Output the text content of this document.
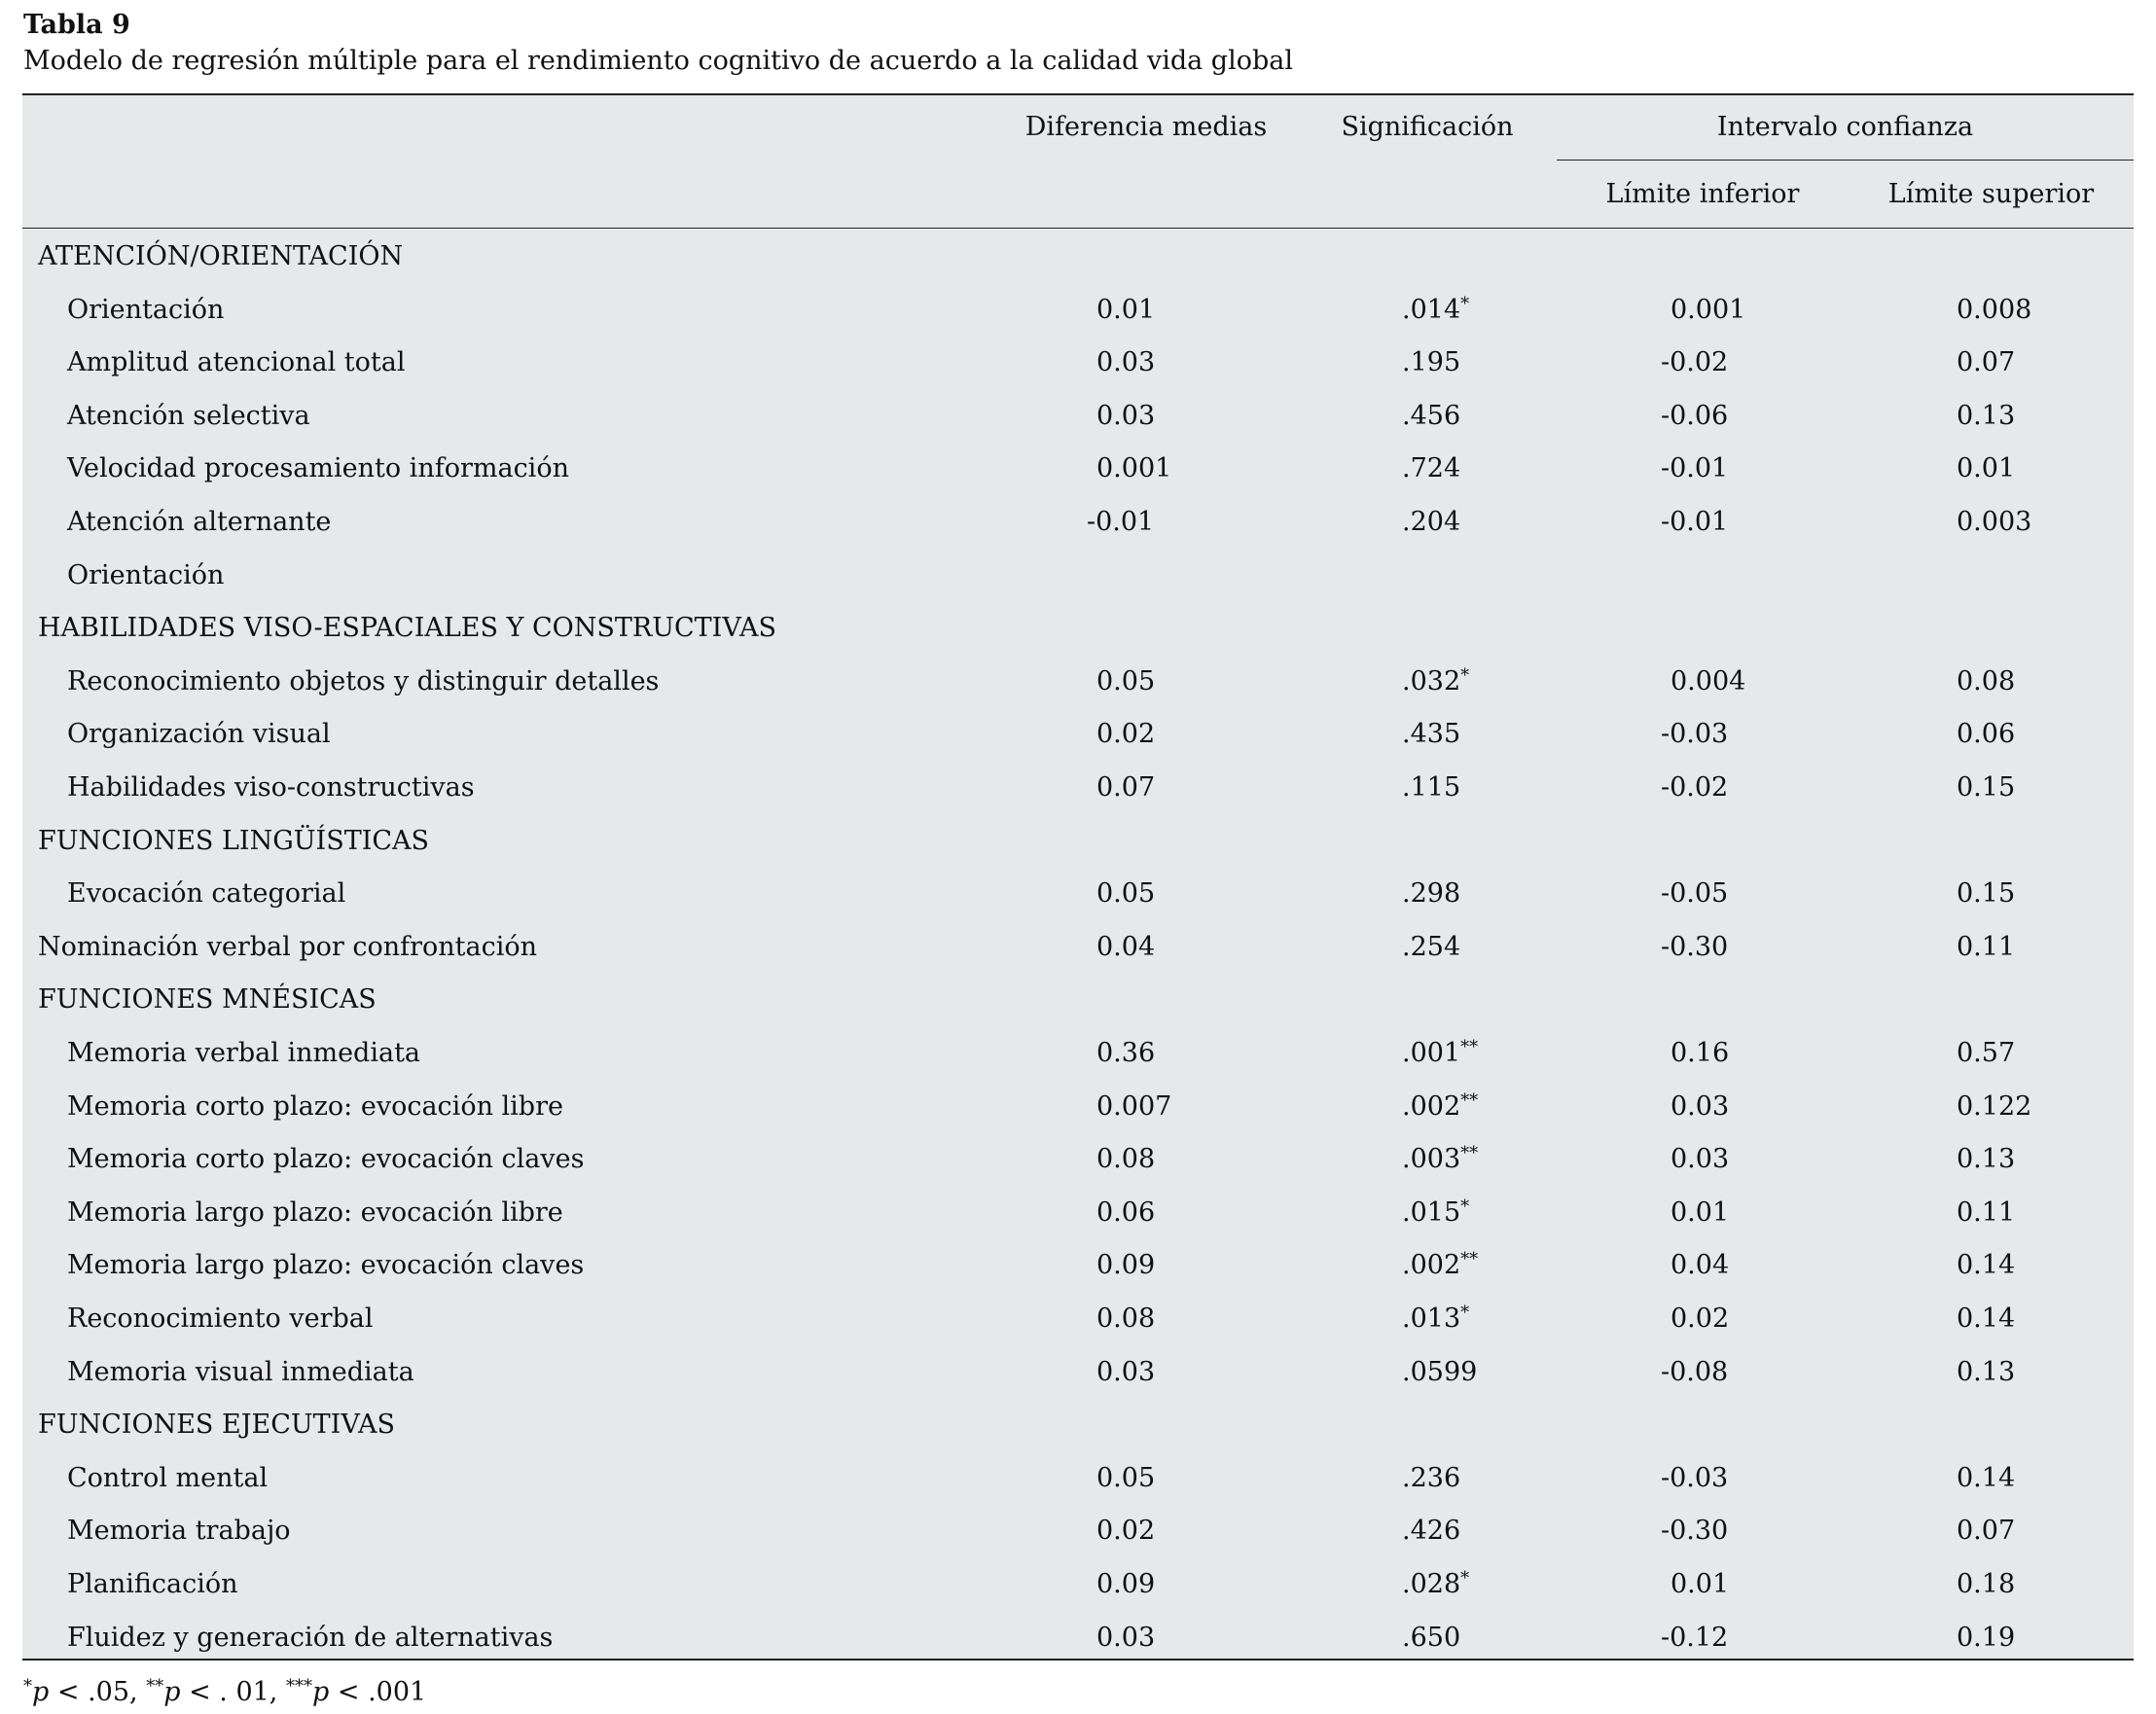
Tabla 9
Modelo de regresión múltiple para el rendimiento cognitivo de acuerdo a la calidad vida global
Diferencia medias	Significación	Intervalo confianza
Límite inferior	Límite superior
ATENCIÓN/ORIENTACIÓN
Orientación	0.01	.014*	0.001	0.008
Amplitud atencional total	0.03	.195	-0.02	0.07
Atención selectiva	0.03	.456	-0.06	0.13
Velocidad procesamiento información	0.001	.724	-0.01	0.01
Atención alternante	-0.01	.204	-0.01	0.003
Orientación
HABILIDADES VISO-ESPACIALES Y CONSTRUCTIVAS
Reconocimiento objetos y distinguir detalles	0.05	.032*	0.004	0.08
Organización visual	0.02	.435	-0.03	0.06
Habilidades viso-constructivas	0.07	.115	-0.02	0.15
FUNCIONES LINGÜÍSTICAS
Evocación categorial	0.05	.298	-0.05	0.15
Nominación verbal por confrontación	0.04	.254	-0.30	0.11
FUNCIONES MNÉSICAS
Memoria verbal inmediata	0.36	.001**	0.16	0.57
Memoria corto plazo: evocación libre	0.007	.002**	0.03	0.122
Memoria corto plazo: evocación claves	0.08	.003**	0.03	0.13
Memoria largo plazo: evocación libre	0.06	.015*	0.01	0.11
Memoria largo plazo: evocación claves	0.09	.002**	0.04	0.14
Reconocimiento verbal	0.08	.013*	0.02	0.14
Memoria visual inmediata	0.03	.0599	-0.08	0.13
FUNCIONES EJECUTIVAS
Control mental	0.05	.236	-0.03	0.14
Memoria trabajo	0.02	.426	-0.30	0.07
Planificación	0.09	.028*	0.01	0.18
Fluidez y generación de alternativas	0.03	.650	-0.12	0.19
*p < .05, **p < . 01, ***p < .001
